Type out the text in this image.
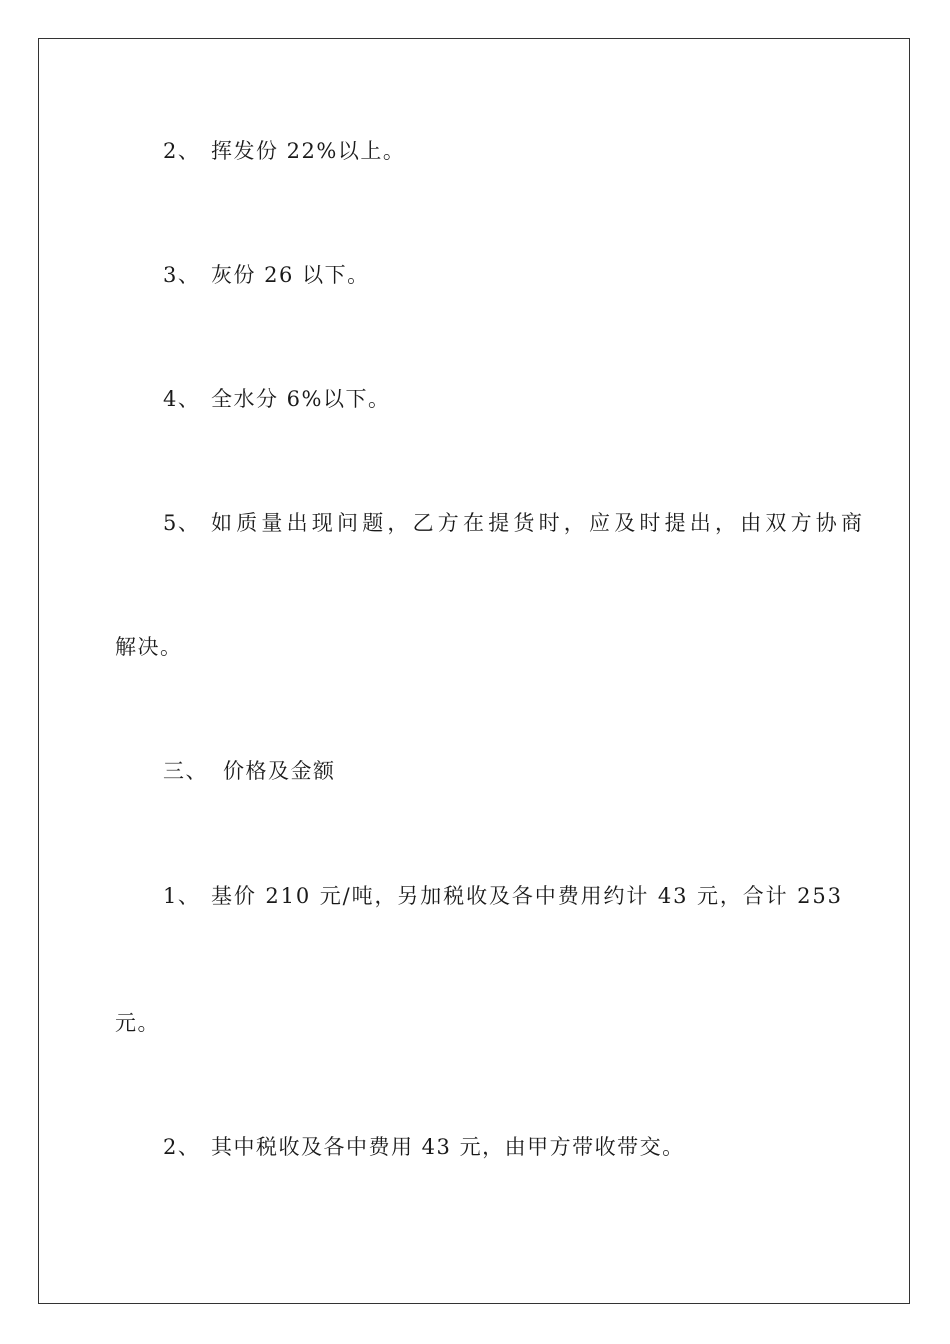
2、 挥发份 22%以上。
3、 灰份 26 以下。
4、 全水分 6%以下。
5、 如质量出现问题，乙方在提货时，应及时提出，由双方协商
解决。
三、 价格及金额
1、 基价 210 元/吨，另加税收及各中费用约计 43 元，合计 253
元。
2、 其中税收及各中费用 43 元，由甲方带收带交。
